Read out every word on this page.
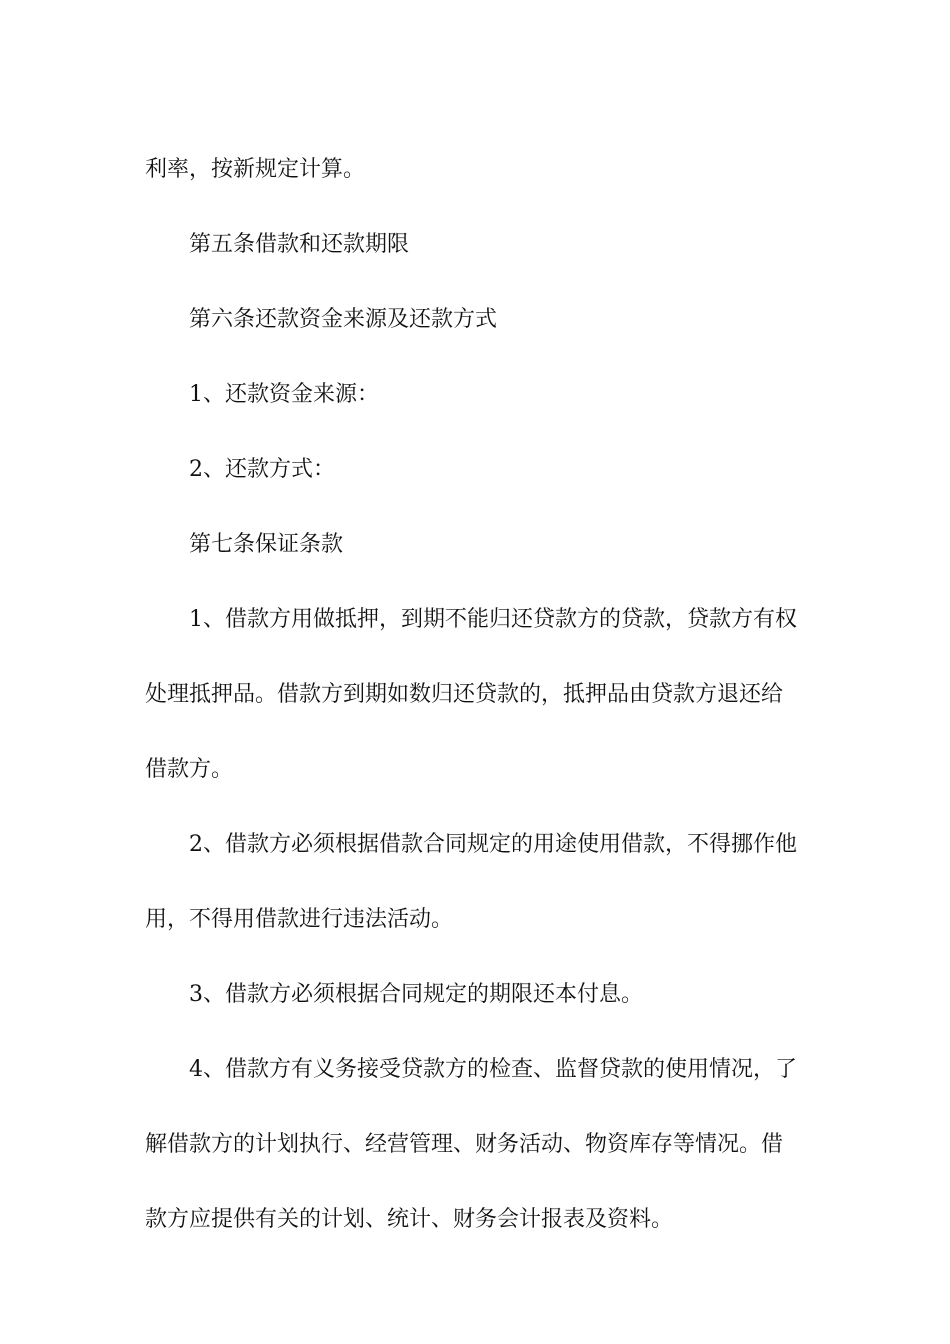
利率，按新规定计算。
第五条借款和还款期限
第六条还款资金来源及还款方式
1、还款资金来源：
2、还款方式：
第七条保证条款
1、借款方用做抵押，到期不能归还贷款方的贷款，贷款方有权
处理抵押品。借款方到期如数归还贷款的，抵押品由贷款方退还给
借款方。
2、借款方必须根据借款合同规定的用途使用借款，不得挪作他
用，不得用借款进行违法活动。
3、借款方必须根据合同规定的期限还本付息。
4、借款方有义务接受贷款方的检查、监督贷款的使用情况，了
解借款方的计划执行、经营管理、财务活动、物资库存等情况。借
款方应提供有关的计划、统计、财务会计报表及资料。
